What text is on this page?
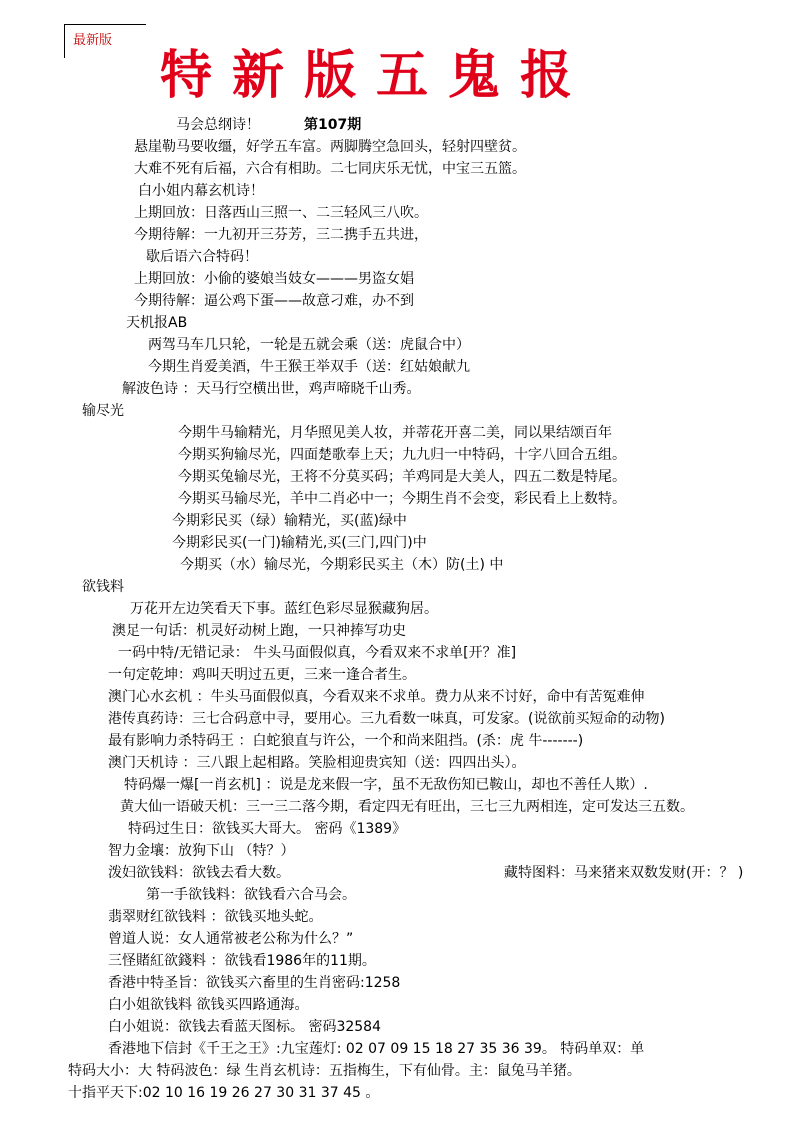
最新版
特新版五鬼报
马会总纲诗！	第107期
悬崖勒马要收缰，好学五车富。两脚腾空急回头，轻射四壁贫。
大难不死有后福，六合有相助。二七同庆乐无忧，中宝三五篮。
白小姐内幕玄机诗！
上期回放：日落西山三照一、二三轻风三八吹。
今期待解：一九初开三芬芳，三二携手五共进，
歇后语六合特码！
上期回放：小偷的婆娘当妓女———男盗女娼
今期待解：逼公鸡下蛋——故意刁难，办不到
天机报AB
两驾马车几只轮，一轮是五就会乘（送：虎鼠合中）
今期生肖爱美酒，牛王猴王举双手（送：红姑娘献九
解波色诗 ：天马行空横出世，鸡声啼晓千山秀。
输尽光
今期牛马输精光，月华照见美人妆，并蒂花开喜二美，同以果结颂百年
今期买狗输尽光，四面楚歌奉上天；九九归一中特码，十字八回合五组。
今期买兔输尽光，王将不分莫买码；羊鸡同是大美人，四五二数是特尾。
今期买马输尽光，羊中二肖必中一；今期生肖不会变，彩民看上上数特。
今期彩民买（绿）输精光，买(蓝)绿中
今期彩民买(一门)输精光,买(三门,四门)中
今期买（水）输尽光，今期彩民买主（木）防(土) 中
欲钱料
万花开左边笑看天下事。蓝红色彩尽显猴藏狗居。
澳足一句话：机灵好动树上跑，一只神捧写功史
一码中特/无错记录： 牛头马面假似真，今看双来不求单[开？准]
一句定乾坤：鸡叫天明过五更，三来一逢合者生。
澳门心水玄机 ：牛头马面假似真，今看双来不求单。费力从来不讨好，命中有苦冤难伸
港传真药诗：三七合码意中寻，要用心。三九看数一味真，可发家。(说欲前买短命的动物)
最有影响力杀特码王 ：白蛇狼直与许公，一个和尚来阻挡。(杀：虎 牛-------)
澳门天机诗 ：三八跟上起相路。笑脸相迎贵宾知（送：四四出头）。
特码爆一爆[一肖玄机] ：说是龙来假一字，虽不无敌伤知已鞍山，却也不善任人欺）.
黄大仙一语破天机：三一三二落今期，看定四无有旺出，三七三九两相连，定可发达三五数。
特码过生日：欲钱买大哥大。 密码《1389》
智力金壤：放狗下山 （特？）
泼妇欲钱料：欲钱去看大数。	藏特图料：马来猪来双数发财(开：？ )
第一手欲钱料：欲钱看六合马会。
翡翠财红欲钱料 ：欲钱买地头蛇。
曾道人说：女人通常被老公称为什么？”
三怪賭紅欲錢料 ：欲钱看1986年的11期。
香港中特圣旨：欲钱买六畜里的生肖密码:1258
白小姐欲钱料 欲钱买四路通海。
白小姐说：欲钱去看蓝天图标。 密码32584
香港地下信封《千王之王》:九宝莲灯: 02 07 09 15 18 27 35 36 39。 特码单双：单
特码大小：大 特码波色：绿 生肖玄机诗：五指梅生，下有仙骨。主：鼠兔马羊猪。
十指平天下:02 10 16 19 26 27 30 31 37 45 。
